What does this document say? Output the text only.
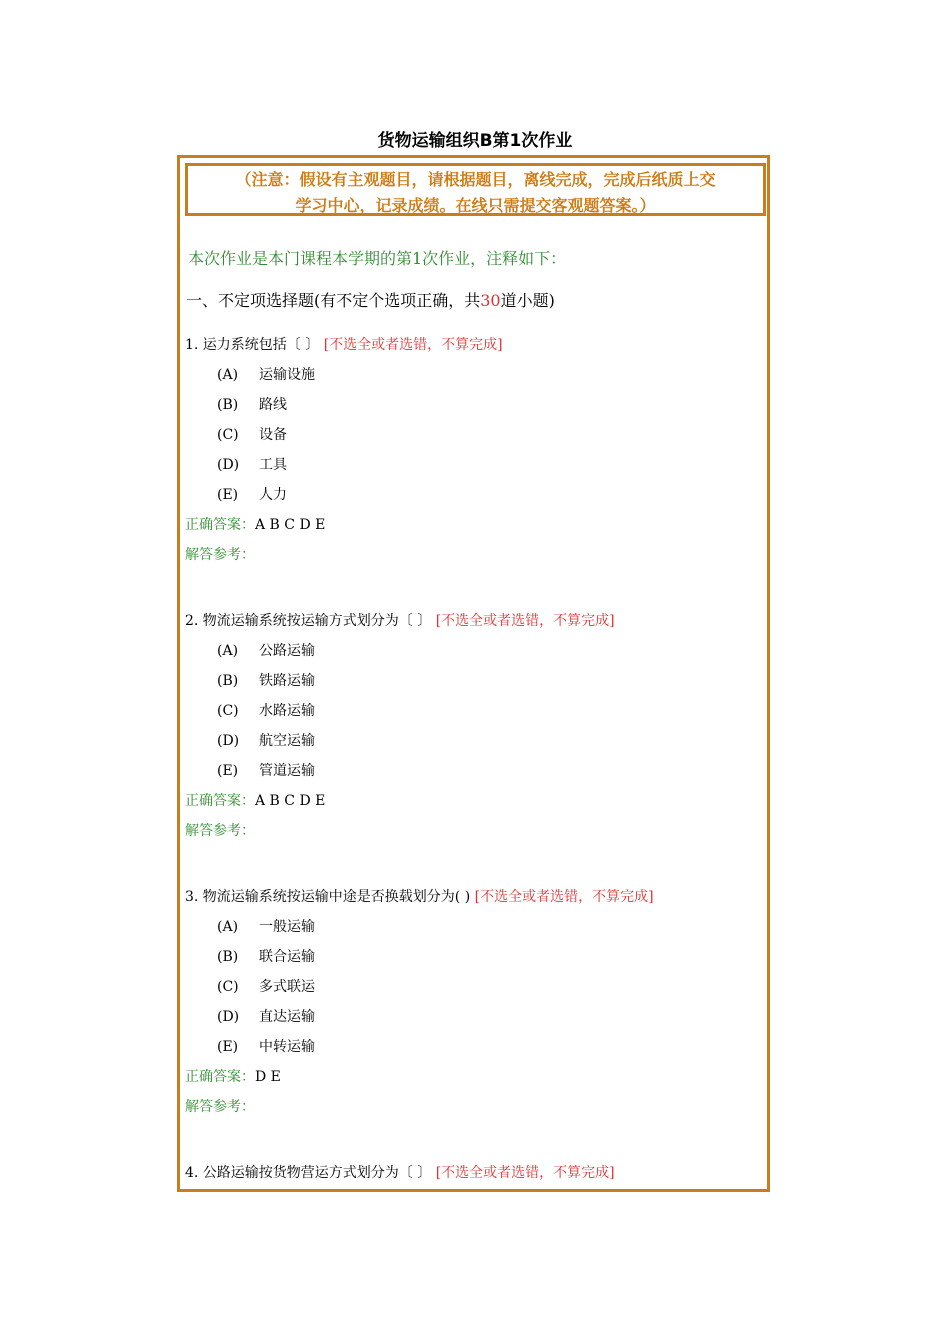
货物运输组织B第1次作业
（注意：假设有主观题目，请根据题目，离线完成，完成后纸质上交
学习中心，记录成绩。在线只需提交客观题答案。）
本次作业是本门课程本学期的第1次作业，注释如下：
一、不定项选择题(有不定个选项正确，共30道小题)
1. 运力系统包括〔 〕 [不选全或者选错，不算完成]
(A) 运输设施
(B) 路线
(C) 设备
(D) 工具
(E) 人力
正确答案：A B C D E
解答参考：
2. 物流运输系统按运输方式划分为〔 〕 [不选全或者选错，不算完成]
(A) 公路运输
(B) 铁路运输
(C) 水路运输
(D) 航空运输
(E) 管道运输
正确答案：A B C D E
解答参考：
3. 物流运输系统按运输中途是否换载划分为( ) [不选全或者选错，不算完成]
(A) 一般运输
(B) 联合运输
(C) 多式联运
(D) 直达运输
(E) 中转运输
正确答案：D E
解答参考：
4. 公路运输按货物营运方式划分为〔 〕 [不选全或者选错，不算完成]
